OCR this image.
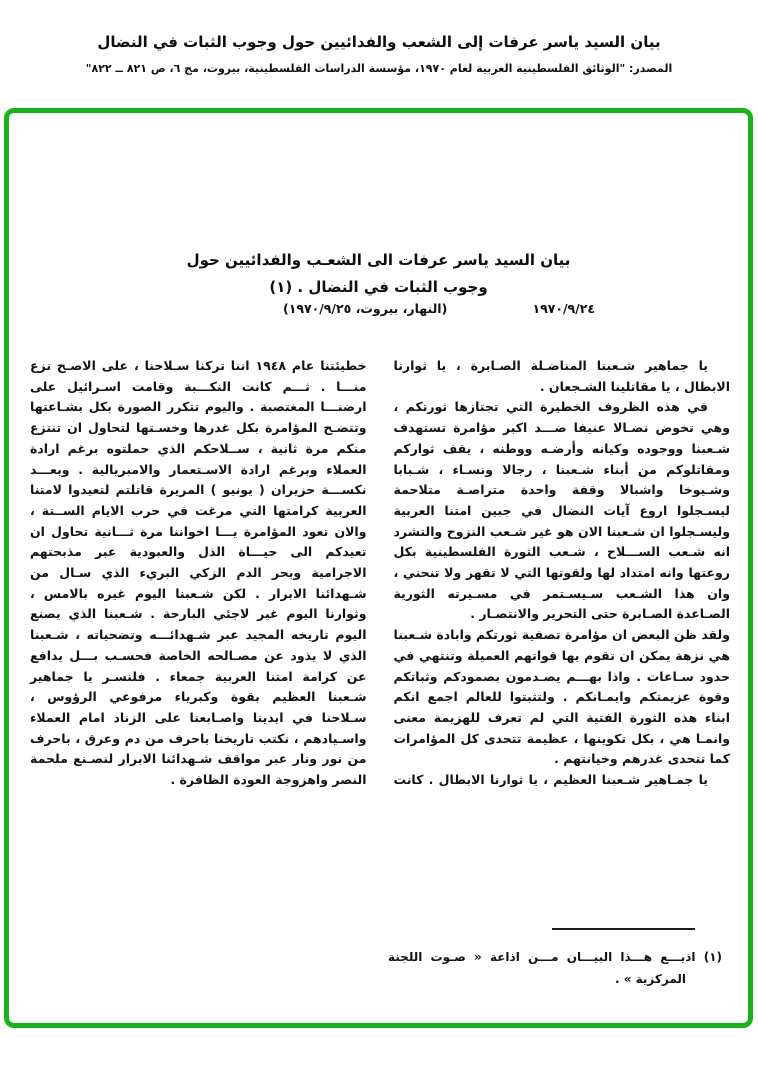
بيان السيد ياسر عرفات إلى الشعب والفدائيين حول وجوب الثبات في النضال
المصدر: "الوثائق الفلسطينية العربية لعام ١٩٧٠، مؤسسة الدراسات الفلسطينية، بيروت، مج ٦، ص ٨٢١ ــ ٨٢٢"
بيان السيد ياسر عرفات الى الشعـب والفدائيين حول
وجوب الثبات في النضال . (١)
١٩٧٠/٩/٢٤
(النهار، بيروت، ١٩٧٠/٩/٢٥)

يا جماهير شـعبنا المناضـلة الصـابرة ، يا ثوارنا الابطال ، يا مقاتلينا الشـجعان .

في هذه الظروف الخطيرة التي تجتازها ثورتكم ، وهي تخوض نضـالا عنيفا ضـــد اكبر مؤامرة تستهدف شـعبنا ووجوده وكيانه وأرضـه ووطنه ، يقف ثواركم ومقاتلوكم من أبناء شـعبنا ، رجالا ونسـاء ، شـبابا وشـيوخا واشبالا وقفة واحدة متراصـة متلاحمة ليسـجلوا اروع آيات النضال في جبين امتنا العربية وليسـجلوا ان شـعبنا الان هو غير شـعب النزوح والتشرد انه شـعب الســـلاح ، شـعب الثورة الفلسطينية بكل روعتها وانه امتداد لها ولقوتها التي لا تقهر ولا تنحني ، وان هذا الشـعب سـيسـتمر في مسـيرته الثورية الصـاعدة الصـابرة حتى التحرير والانتصـار .

ولقد ظن البعض ان مؤامرة تصفية ثورتكم وابادة شـعبنا هي نزهة يمكن ان تقوم بها قواتهم العميلة وتنتهي في حدود سـاعات . واذا بهـــم يصـدمون بصمودكم وثباتكم وقوة عزيمتكم وايمـانكم . ولتثبتوا للعالم اجمع انكم ابناء هذه الثورة الفتية التي لم تعرف للهزيمة معنى وانمـا هي ، بكل تكوينها ، عظيمة تتحدى كل المؤامرات كما تتحدى غدرهم وخيانتهم .

يا جمـاهير شـعبنا العظيم ، يا ثوارنا الابطال . كانت

خطيئتنا عام ١٩٤٨ اننا تركنا سـلاحنا ، على الاصـح نزع منـــا . ثـــم كانت النكـــبة وقامت اسـرائيل على ارضنـــا المغتصبة . واليوم تتكرر الصورة بكل بشـاعتها وتتضـح المؤامرة بكل غدرها وخسـتها لتحاول ان تنتزع منكم مرة ثانية ، ســلاحكم الذي حملتوه برغم ارادة العملاء وبرغم ارادة الاسـتعمار والامبريالية . وبعـــد نكســـة حزيران ( يونيو ) المريرة قاتلتم لتعيدوا لامتنا العربية كرامتها التي مرغت في حرب الايام الســتة ، والان تعود المؤامرة يـــا اخواننا مرة ثـــانية تحاول ان تعيدكم الى حيـــاة الذل والعبودية عبر مذبحتهم الاجرامية وبحر الدم الزكي البريء الذي سـال من شـهدائنا الابرار . لكن شـعبنا اليوم غيره بالامس ، وثوارنا اليوم غير لاجئي البارحة . شـعبنا الذي يصنع اليوم تاريخه المجيد عبر شـهدائـــه وتضحياته ، شـعبنا الذي لا يذود عن مصـالحه الخاصة فحسـب بـــل يدافع عن كرامة امتنا العربية جمعاء . فلنسـر يا جماهير شـعبنا العظيم بقوة وكبرياء مرفوعي الرؤوس ، سـلاحنا في ايدينا واصـابعنا على الزناد امام العملاء واسـيادهم ، نكتب تاريخنا باحرف من دم وعرق ، باحرف من نور ونار عبر مواقف شـهدائنا الابرار لنصـنع ملحمة النصر واهزوجة العودة الظافرة .

(١) اذيـــع هـــذا البيـــان مـــن اذاعة « صـوت اللجنة
المركزية » .
